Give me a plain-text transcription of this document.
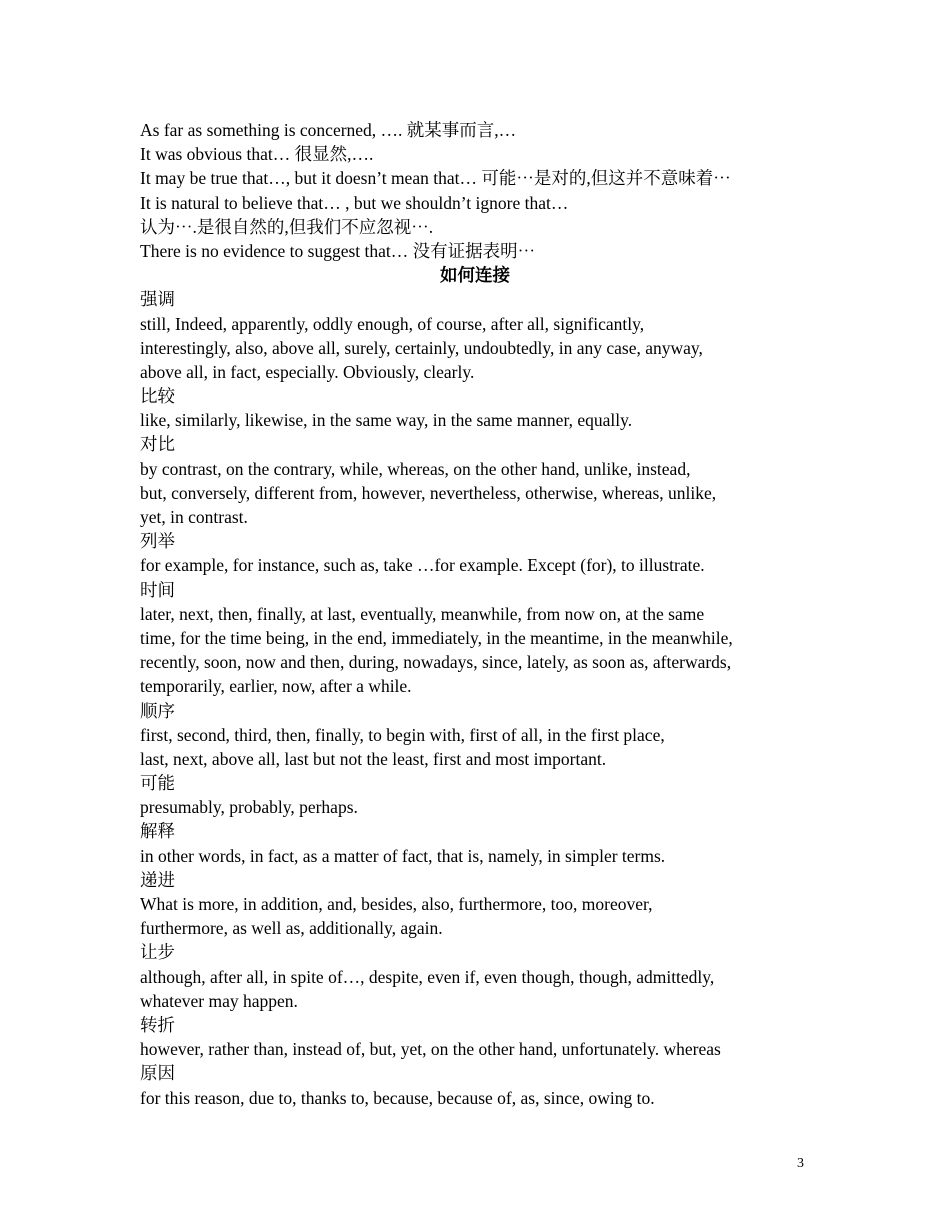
As far as something is concerned, …. 就某事而言,…
It was obvious that… 很显然,….
It may be true that…, but it doesn’t mean that… 可能⋯是对的,但这并不意味着⋯
It is natural to believe that… , but we shouldn’t ignore that…
认为⋯.是很自然的,但我们不应忽视⋯.
There is no evidence to suggest that… 没有证据表明⋯
如何连接
强调
still, Indeed, apparently, oddly enough, of course, after all, significantly,
interestingly, also, above all, surely, certainly, undoubtedly, in any case, anyway,
above all, in fact, especially. Obviously, clearly.
比较
like, similarly, likewise, in the same way, in the same manner, equally.
对比
by contrast, on the contrary, while, whereas, on the other hand, unlike, instead,
but, conversely, different from, however, nevertheless, otherwise, whereas, unlike,
yet, in contrast.
列举
for example, for instance, such as, take …for example. Except (for), to illustrate.
时间
later, next, then, finally, at last, eventually, meanwhile, from now on, at the same
time, for the time being, in the end, immediately, in the meantime, in the meanwhile,
recently, soon, now and then, during, nowadays, since, lately, as soon as, afterwards,
temporarily, earlier, now, after a while.
顺序
first, second, third, then, finally, to begin with, first of all, in the first place,
last, next, above all, last but not the least, first and most important.
可能
presumably, probably, perhaps.
解释
in other words, in fact, as a matter of fact, that is, namely, in simpler terms.
递进
What is more, in addition, and, besides, also, furthermore, too, moreover,
furthermore, as well as, additionally, again.
让步
although, after all, in spite of…, despite, even if, even though, though, admittedly,
whatever may happen.
转折
however, rather than, instead of, but, yet, on the other hand, unfortunately. whereas
原因
for this reason, due to, thanks to, because, because of, as, since, owing to.
3
